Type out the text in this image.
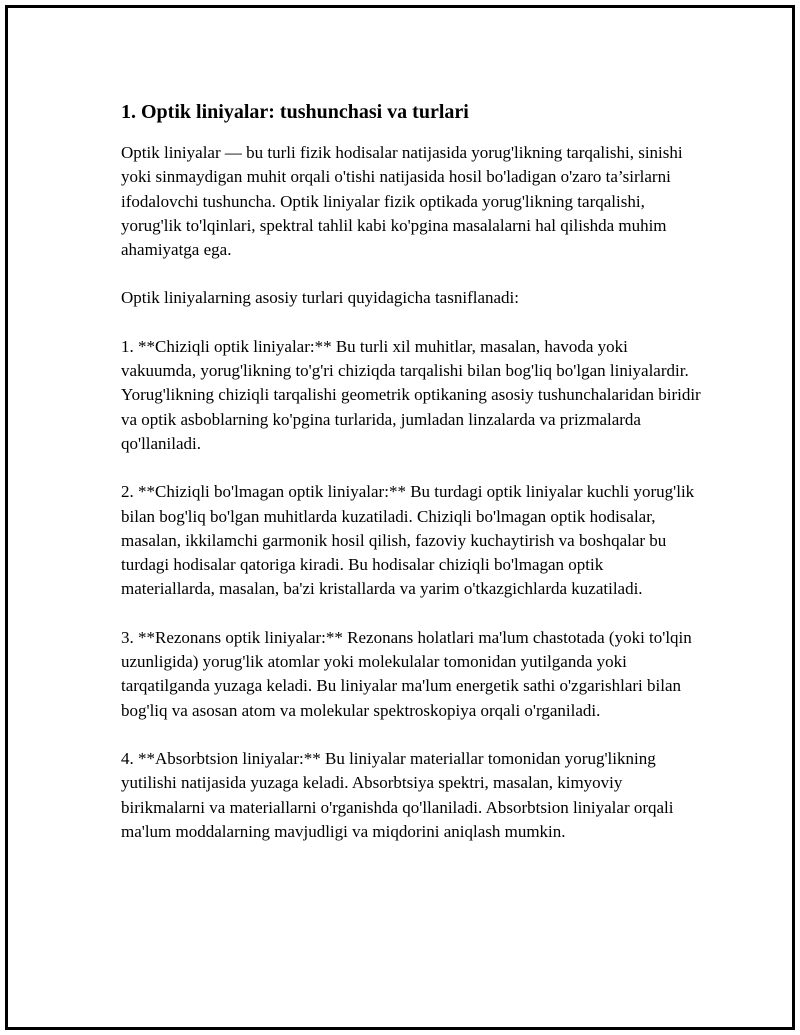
1. Optik liniyalar: tushunchasi va turlari

Optik liniyalar — bu turli fizik hodisalar natijasida yorug'likning tarqalishi, sinishi yoki sinmaydigan muhit orqali o'tishi natijasida hosil bo'ladigan o'zaro ta’sirlarni ifodalovchi tushuncha. Optik liniyalar fizik optikada yorug'likning tarqalishi, yorug'lik to'lqinlari, spektral tahlil kabi ko'pgina masalalarni hal qilishda muhim ahamiyatga ega.

Optik liniyalarning asosiy turlari quyidagicha tasniflanadi:

1. **Chiziqli optik liniyalar:** Bu turli xil muhitlar, masalan, havoda yoki vakuumda, yorug'likning to'g'ri chiziqda tarqalishi bilan bog'liq bo'lgan liniyalardir. Yorug'likning chiziqli tarqalishi geometrik optikaning asosiy tushunchalaridan biridir va optik asboblarning ko'pgina turlarida, jumladan linzalarda va prizmalarda qo'llaniladi.

2. **Chiziqli bo'lmagan optik liniyalar:** Bu turdagi optik liniyalar kuchli yorug'lik bilan bog'liq bo'lgan muhitlarda kuzatiladi. Chiziqli bo'lmagan optik hodisalar, masalan, ikkilamchi garmonik hosil qilish, fazoviy kuchaytirish va boshqalar bu turdagi hodisalar qatoriga kiradi. Bu hodisalar chiziqli bo'lmagan optik materiallarda, masalan, ba'zi kristallarda va yarim o'tkazgichlarda kuzatiladi.

3. **Rezonans optik liniyalar:** Rezonans holatlari ma'lum chastotada (yoki to'lqin uzunligida) yorug'lik atomlar yoki molekulalar tomonidan yutilganda yoki tarqatilganda yuzaga keladi. Bu liniyalar ma'lum energetik sathi o'zgarishlari bilan bog'liq va asosan atom va molekular spektroskopiya orqali o'rganiladi.

4. **Absorbtsion liniyalar:** Bu liniyalar materiallar tomonidan yorug'likning yutilishi natijasida yuzaga keladi. Absorbtsiya spektri, masalan, kimyoviy birikmalarni va materiallarni o'rganishda qo'llaniladi. Absorbtsion liniyalar orqali ma'lum moddalarning mavjudligi va miqdorini aniqlash mumkin.
